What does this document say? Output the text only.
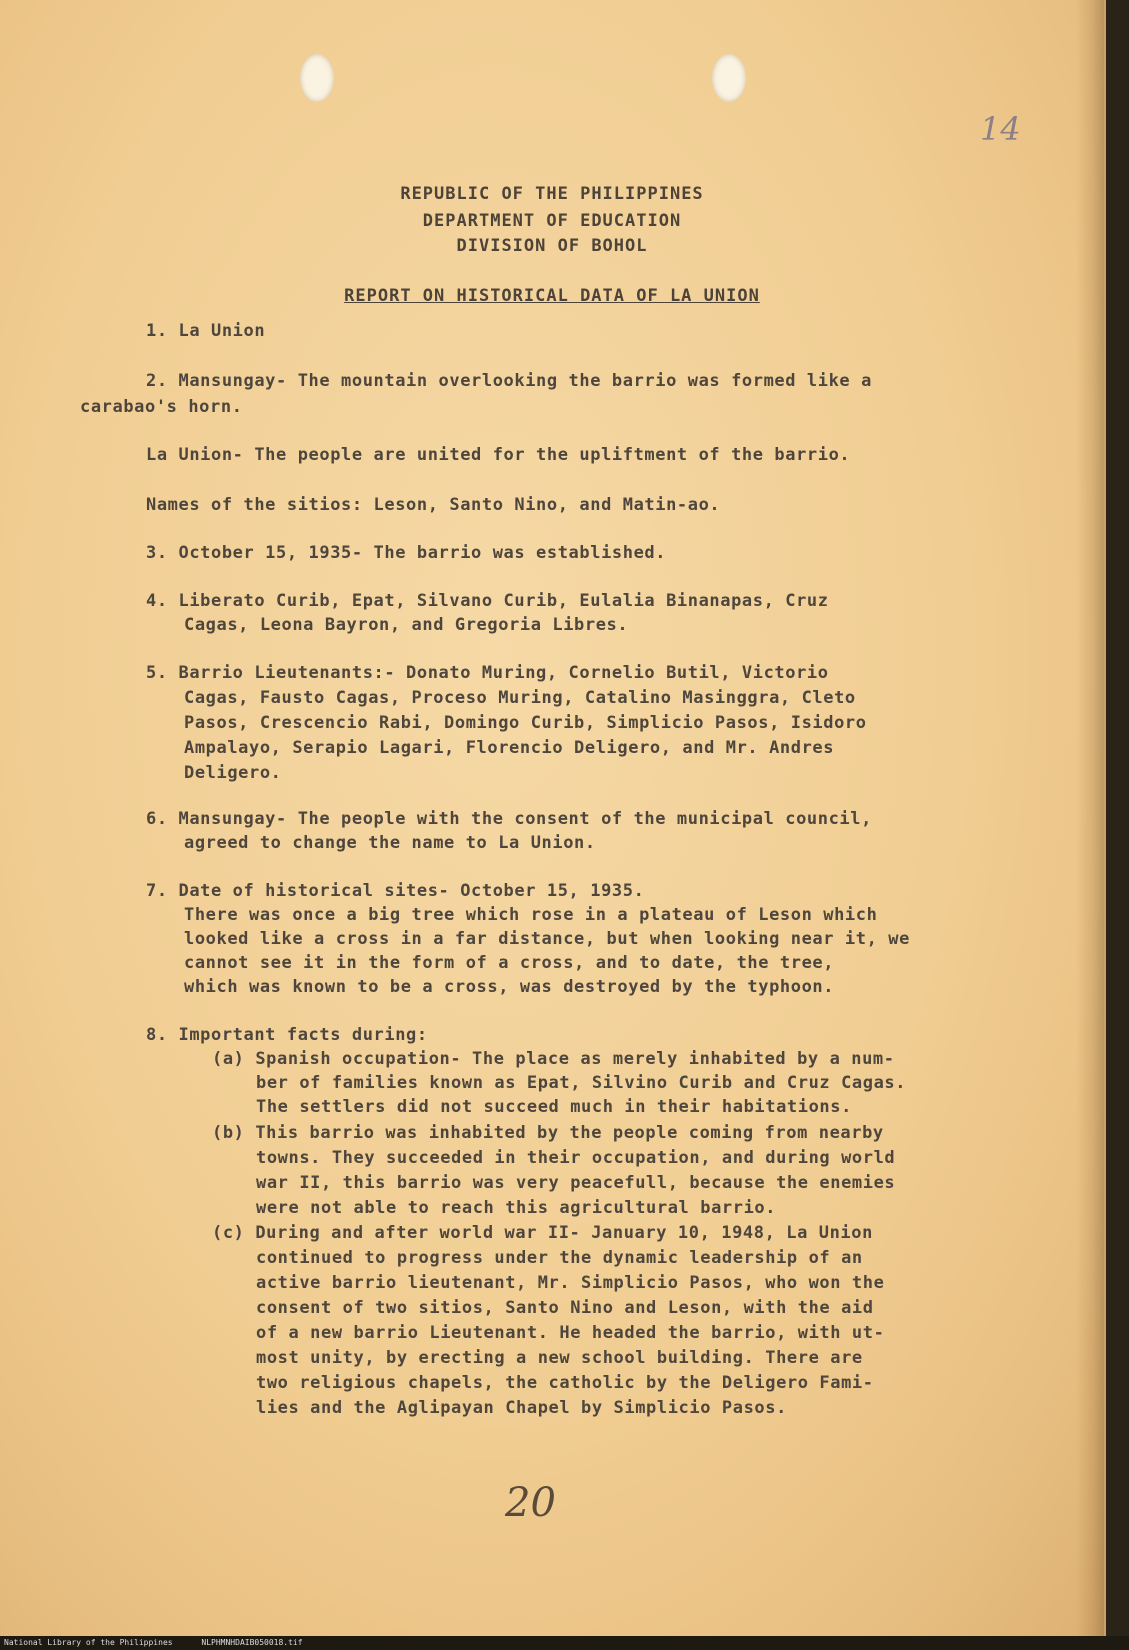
14
REPUBLIC OF THE PHILIPPINES
DEPARTMENT OF EDUCATION
DIVISION OF BOHOL
REPORT ON HISTORICAL DATA OF LA UNION
1. La Union
2. Mansungay- The mountain overlooking the barrio was formed like a
carabao's horn.
La Union- The people are united for the upliftment of the barrio.
Names of the sitios: Leson, Santo Nino, and Matin-ao.
3. October 15, 1935- The barrio was established.
4. Liberato Curib, Epat, Silvano Curib, Eulalia Binanapas, Cruz
Cagas, Leona Bayron, and Gregoria Libres.
5. Barrio Lieutenants:- Donato Muring, Cornelio Butil, Victorio
Cagas, Fausto Cagas, Proceso Muring, Catalino Masinggra, Cleto
Pasos, Crescencio Rabi, Domingo Curib, Simplicio Pasos, Isidoro
Ampalayo, Serapio Lagari, Florencio Deligero, and Mr. Andres
Deligero.
6. Mansungay- The people with the consent of the municipal council,
agreed to change the name to La Union.
7. Date of historical sites- October 15, 1935.
There was once a big tree which rose in a plateau of Leson which
looked like a cross in a far distance, but when looking near it, we
cannot see it in the form of a cross, and to date, the tree,
which was known to be a cross, was destroyed by the typhoon.
8. Important facts during:
(a) Spanish occupation- The place as merely inhabited by a num-
ber of families known as Epat, Silvino Curib and Cruz Cagas.
The settlers did not succeed much in their habitations.
(b) This barrio was inhabited by the people coming from nearby
towns. They succeeded in their occupation, and during world
war II, this barrio was very peacefull, because the enemies
were not able to reach this agricultural barrio.
(c) During and after world war II- January 10, 1948, La Union
continued to progress under the dynamic leadership of an
active barrio lieutenant, Mr. Simplicio Pasos, who won the
consent of two sitios, Santo Nino and Leson, with the aid
of a new barrio Lieutenant. He headed the barrio, with ut-
most unity, by erecting a new school building. There are
two religious chapels, the catholic by the Deligero Fami-
lies and the Aglipayan Chapel by Simplicio Pasos.
20
National Library of the Philippines	NLPHMNHDAIB050018.tif
